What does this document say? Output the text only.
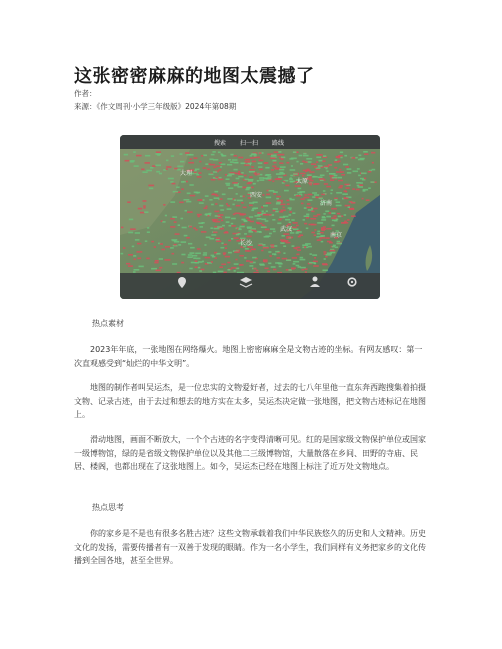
这张密密麻麻的地图太震撼了
作者：
来源：《作文周刊·小学三年级版》2024年第08期
大理
西安
太原
济南
武汉
南京
长沙
搜索 扫一扫 路线
热点素材

2023年年底，一张地图在网络爆火。地图上密密麻麻全是文物古迹的坐标。有网友感叹：第一次直观感受到“灿烂的中华文明”。

地图的制作者叫吴运杰，是一位忠实的文物爱好者，过去的七八年里他一直东奔西跑搜集着拍摄文物、记录古迹，由于去过和想去的地方实在太多，吴运杰决定做一张地图，把文物古迹标记在地图上。

滑动地图，画面不断放大，一个个古迹的名字变得清晰可见。红的是国家级文物保护单位或国家一级博物馆，绿的是省级文物保护单位以及其他二三级博物馆，大量散落在乡间、田野的寺庙、民居、楼阁，也都出现在了这张地图上。如今，吴运杰已经在地图上标注了近万处文物地点。

热点思考

你的家乡是不是也有很多名胜古迹？这些文物承载着我们中华民族悠久的历史和人文精神。历史文化的发扬，需要传播者有一双善于发现的眼睛。作为一名小学生，我们同样有义务把家乡的文化传播到全国各地，甚至全世界。
